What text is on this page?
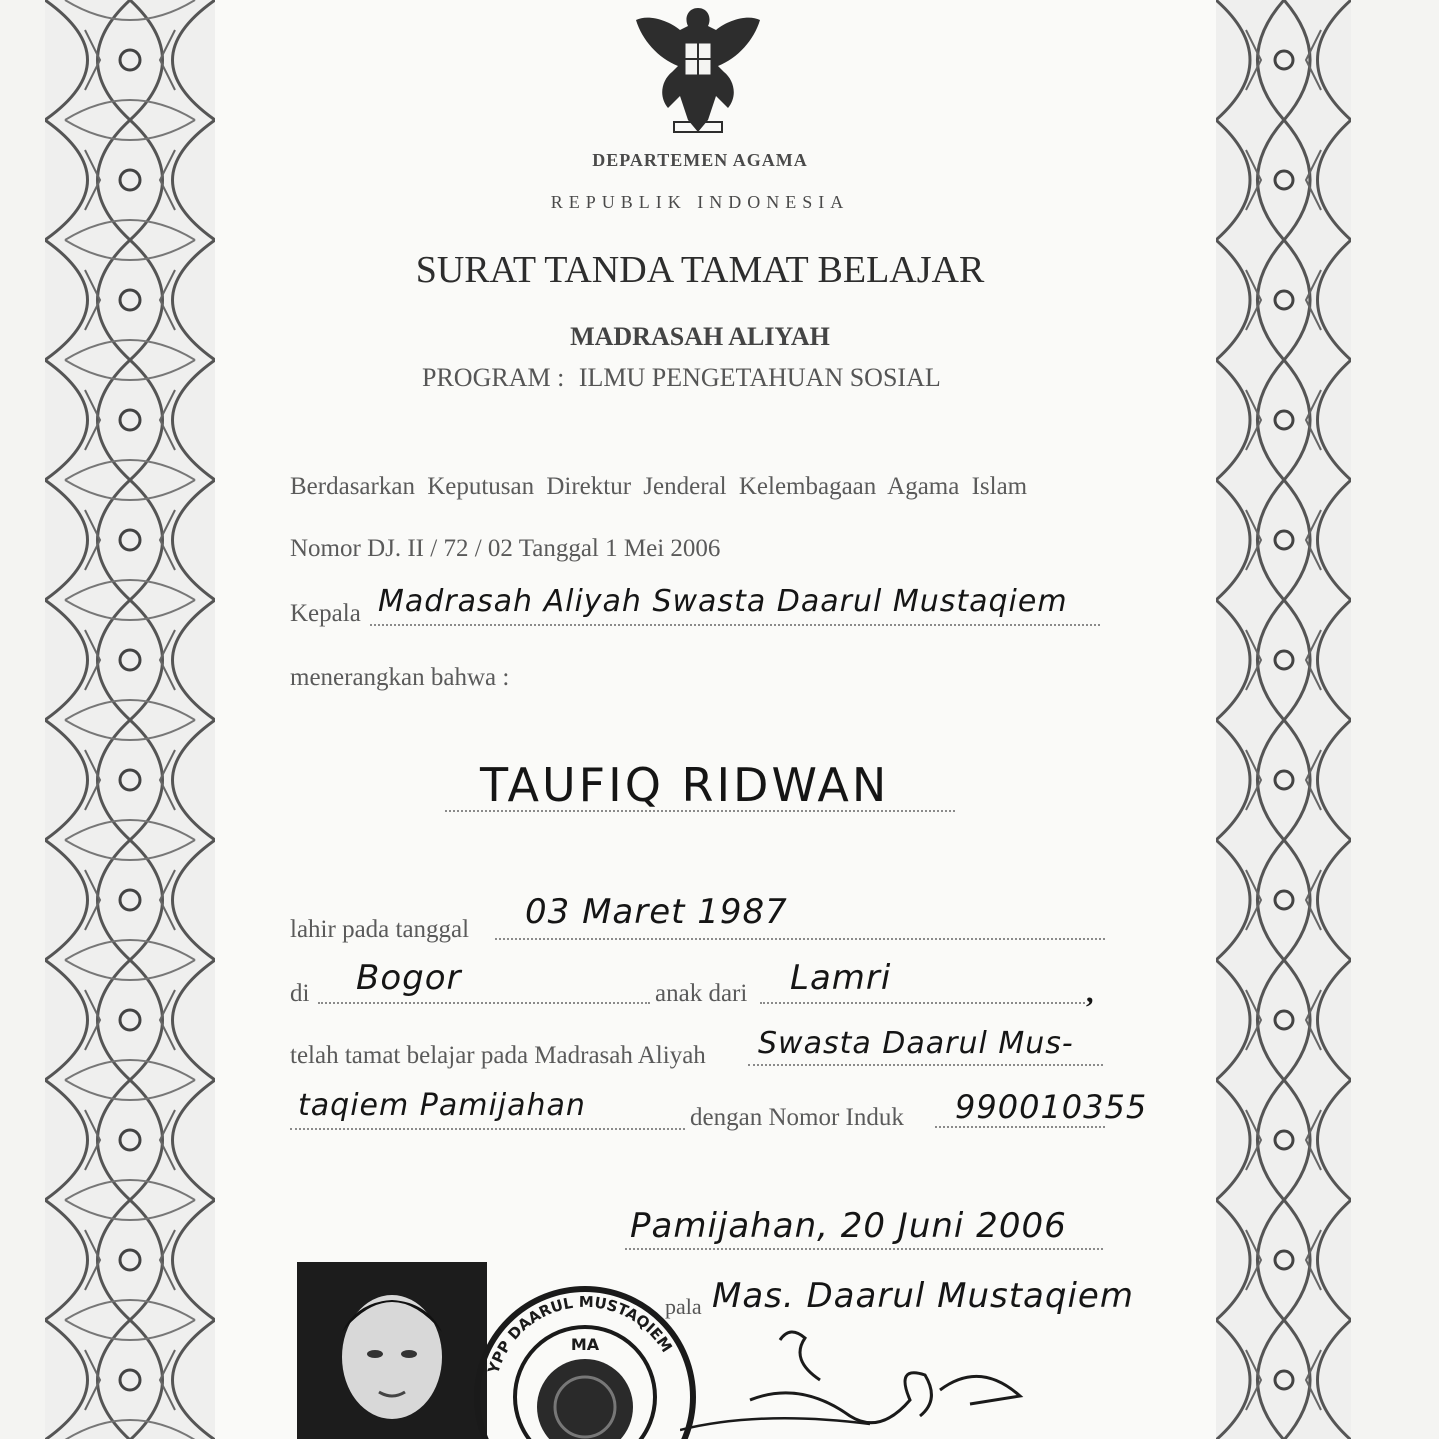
DEPARTEMEN AGAMA
REPUBLIK INDONESIA
SURAT TANDA TAMAT BELAJAR
MADRASAH ALIYAH
PROGRAM : ILMU PENGETAHUAN SOSIAL
Berdasarkan Keputusan Direktur Jenderal Kelembagaan Agama Islam
Nomor DJ. II / 72 / 02 Tanggal 1 Mei 2006
Kepala Madrasah Aliyah Swasta Daarul Mustaqiem
menerangkan bahwa :
TAUFIQ RIDWAN
lahir pada tanggal 03 Maret 1987
di Bogor	anak dari Lamri	,
telah tamat belajar pada Madrasah Aliyah Swasta Daarul Mus-
taqiem Pamijahan	dengan Nomor Induk 990010355
Pamijahan, 20 Juni 2006
YPP DAARUL MUSTAQIEM
MA
pala Mas. Daarul Mustaqiem
